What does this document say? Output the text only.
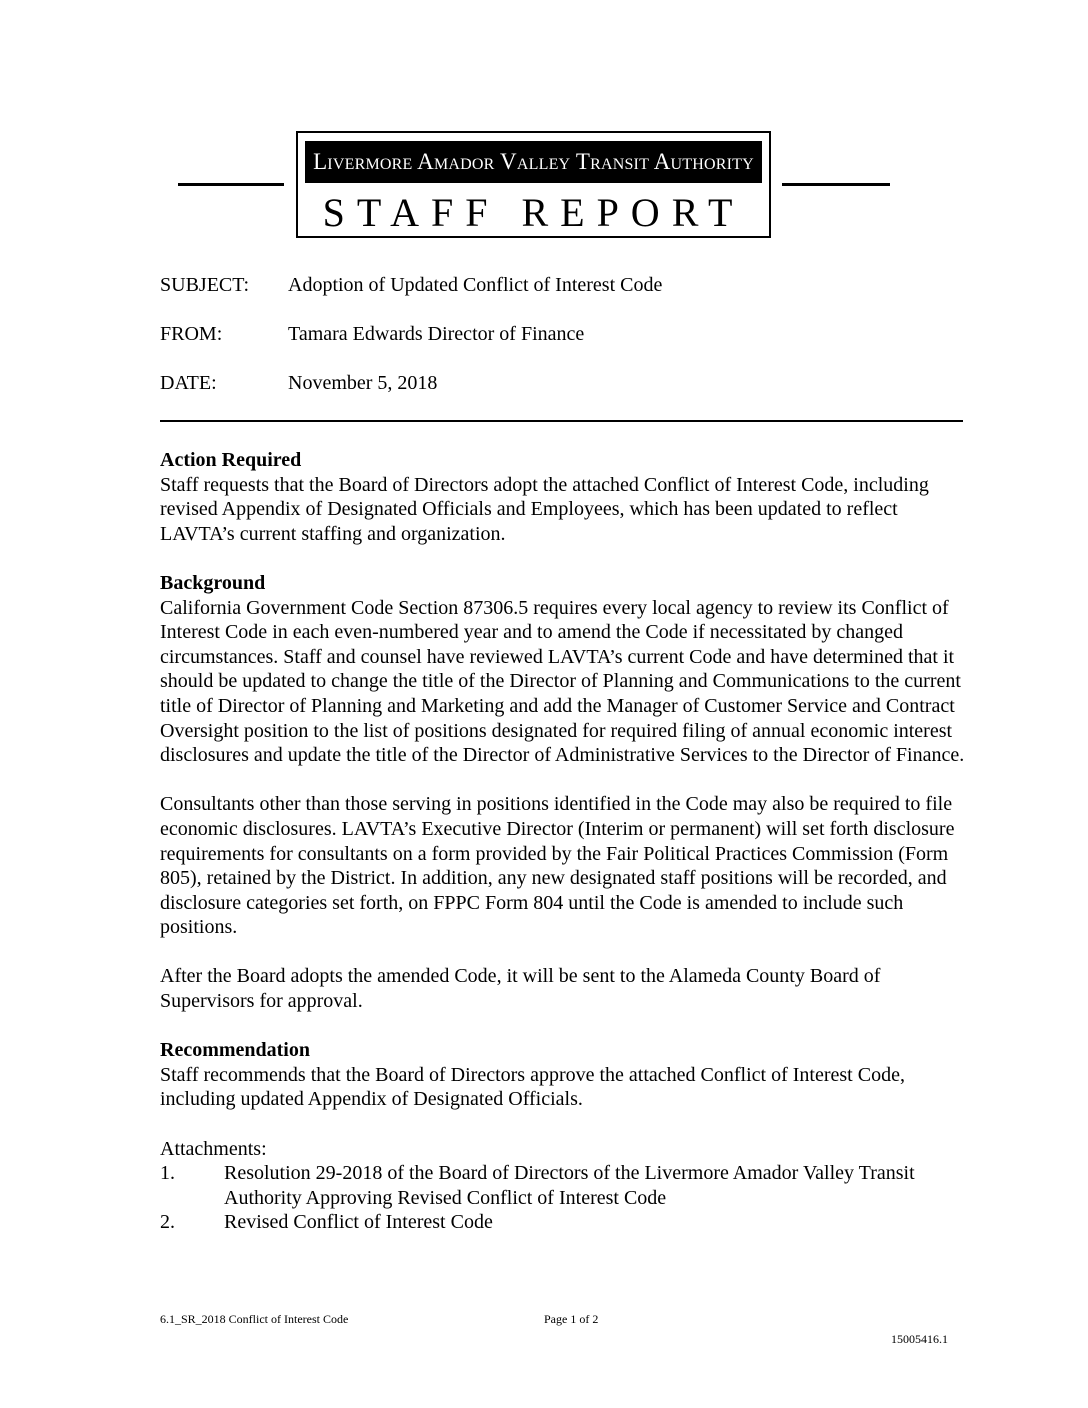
Livermore Amador Valley Transit Authority
STAFF REPORT
SUBJECT: Adoption of Updated Conflict of Interest Code
FROM:	Tamara Edwards Director of Finance
DATE:	November 5, 2018

Action Required

Staff requests that the Board of Directors adopt the attached Conflict of Interest Code, including revised Appendix of Designated Officials and Employees, which has been updated to reflect LAVTA’s current staffing and organization.

Background

California Government Code Section 87306.5 requires every local agency to review its Conflict of Interest Code in each even-numbered year and to amend the Code if necessitated by changed circumstances. Staff and counsel have reviewed LAVTA’s current Code and have determined that it should be updated to change the title of the Director of Planning and Communications to the current title of Director of Planning and Marketing and add the Manager of Customer Service and Contract Oversight position to the list of positions designated for required filing of annual economic interest disclosures and update the title of the Director of Administrative Services to the Director of Finance.

Consultants other than those serving in positions identified in the Code may also be required to file economic disclosures. LAVTA’s Executive Director (Interim or permanent) will set forth disclosure requirements for consultants on a form provided by the Fair Political Practices Commission (Form 805), retained by the District. In addition, any new designated staff positions will be recorded, and disclosure categories set forth, on FPPC Form 804 until the Code is amended to include such positions.

After the Board adopts the amended Code, it will be sent to the Alameda County Board of Supervisors for approval.

Recommendation

Staff recommends that the Board of Directors approve the attached Conflict of Interest Code, including updated Appendix of Designated Officials.

Attachments:

1. Resolution 29-2018 of the Board of Directors of the Livermore Amador Valley Transit Authority Approving Revised Conflict of Interest Code
2. Revised Conflict of Interest Code
6.1_SR_2018 Conflict of Interest Code	Page 1 of 2
15005416.1
